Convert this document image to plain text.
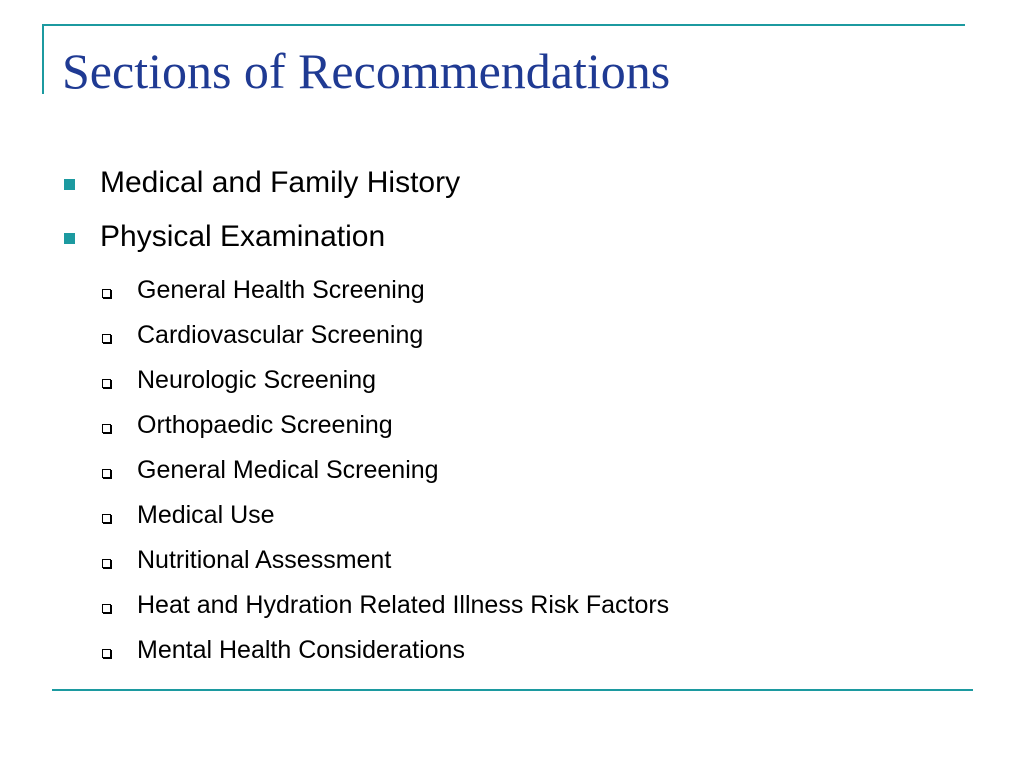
Sections of Recommendations
Medical and Family History
Physical Examination
General Health Screening
Cardiovascular Screening
Neurologic Screening
Orthopaedic Screening
General Medical Screening
Medical Use
Nutritional Assessment
Heat and Hydration Related Illness Risk Factors
Mental Health Considerations
